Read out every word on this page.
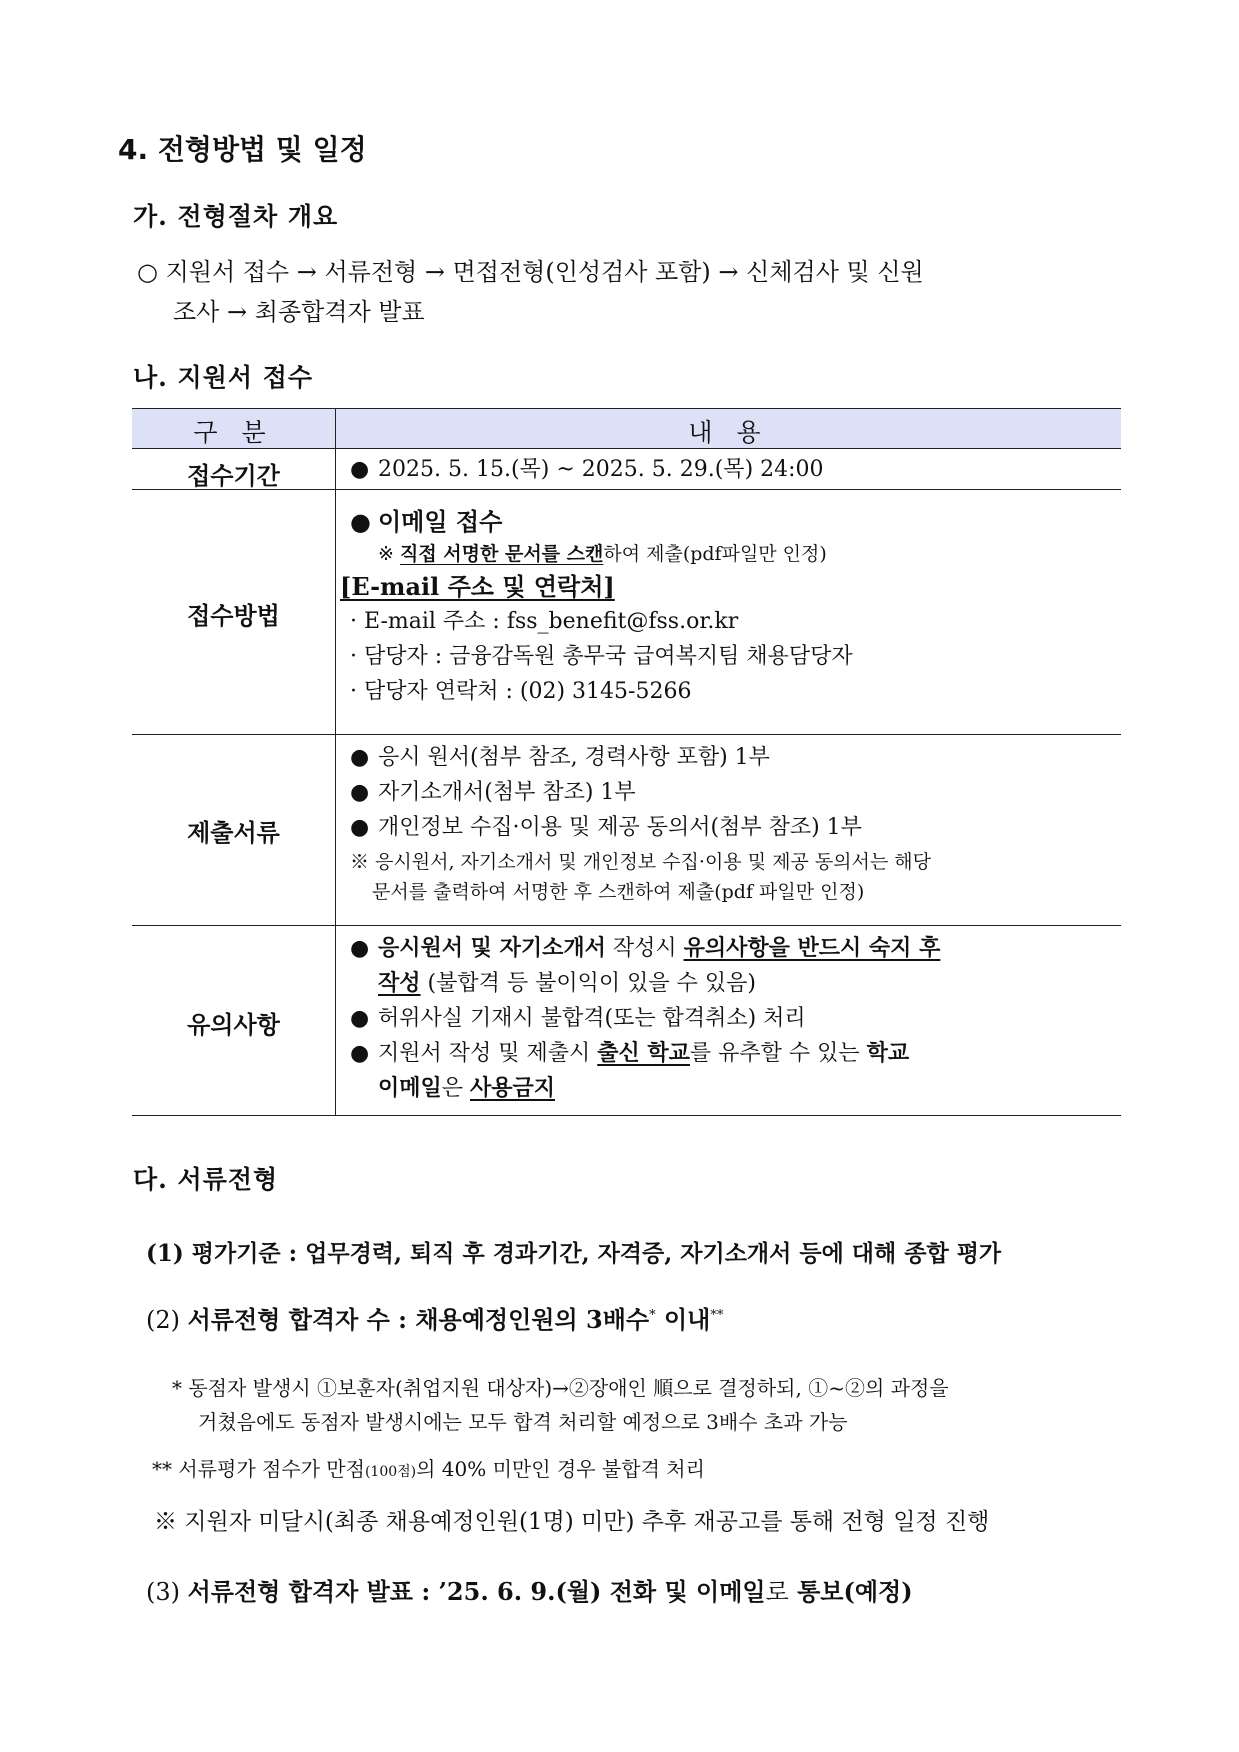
4. 전형방법 및 일정
가. 전형절차 개요
○ 지원서 접수 → 서류전형 → 면접전형(인성검사 포함) → 신체검사 및 신원
조사 → 최종합격자 발표
나. 지원서 접수
구 분	내 용
접수기간	● 2025. 5. 15.(목) ~ 2025. 5. 29.(목) 24:00
접수방법
● 이메일 접수
※ 직접 서명한 문서를 스캔하여 제출(pdf파일만 인정)
[E-mail 주소 및 연락처]
· E-mail 주소 : fss_benefit@fss.or.kr
· 담당자 : 금융감독원 총무국 급여복지팀 채용담당자
· 담당자 연락처 : (02) 3145-5266
제출서류
● 응시 원서(첨부 참조, 경력사항 포함) 1부
● 자기소개서(첨부 참조) 1부
● 개인정보 수집·이용 및 제공 동의서(첨부 참조) 1부
※ 응시원서, 자기소개서 및 개인정보 수집·이용 및 제공 동의서는 해당
문서를 출력하여 서명한 후 스캔하여 제출(pdf 파일만 인정)
유의사항
● 응시원서 및 자기소개서 작성시 유의사항을 반드시 숙지 후
작성 (불합격 등 불이익이 있을 수 있음)
● 허위사실 기재시 불합격(또는 합격취소) 처리
● 지원서 작성 및 제출시 출신 학교를 유추할 수 있는 학교
이메일은 사용금지
다. 서류전형
(1) 평가기준 : 업무경력, 퇴직 후 경과기간, 자격증, 자기소개서 등에 대해 종합 평가
(2) 서류전형 합격자 수 : 채용예정인원의 3배수* 이내**
* 동점자 발생시 ①보훈자(취업지원 대상자)→②장애인 順으로 결정하되, ①~②의 과정을
거쳤음에도 동점자 발생시에는 모두 합격 처리할 예정으로 3배수 초과 가능
** 서류평가 점수가 만점(100점)의 40% 미만인 경우 불합격 처리
※ 지원자 미달시(최종 채용예정인원(1명) 미만) 추후 재공고를 통해 전형 일정 진행
(3) 서류전형 합격자 발표 : ’25. 6. 9.(월) 전화 및 이메일로 통보(예정)
